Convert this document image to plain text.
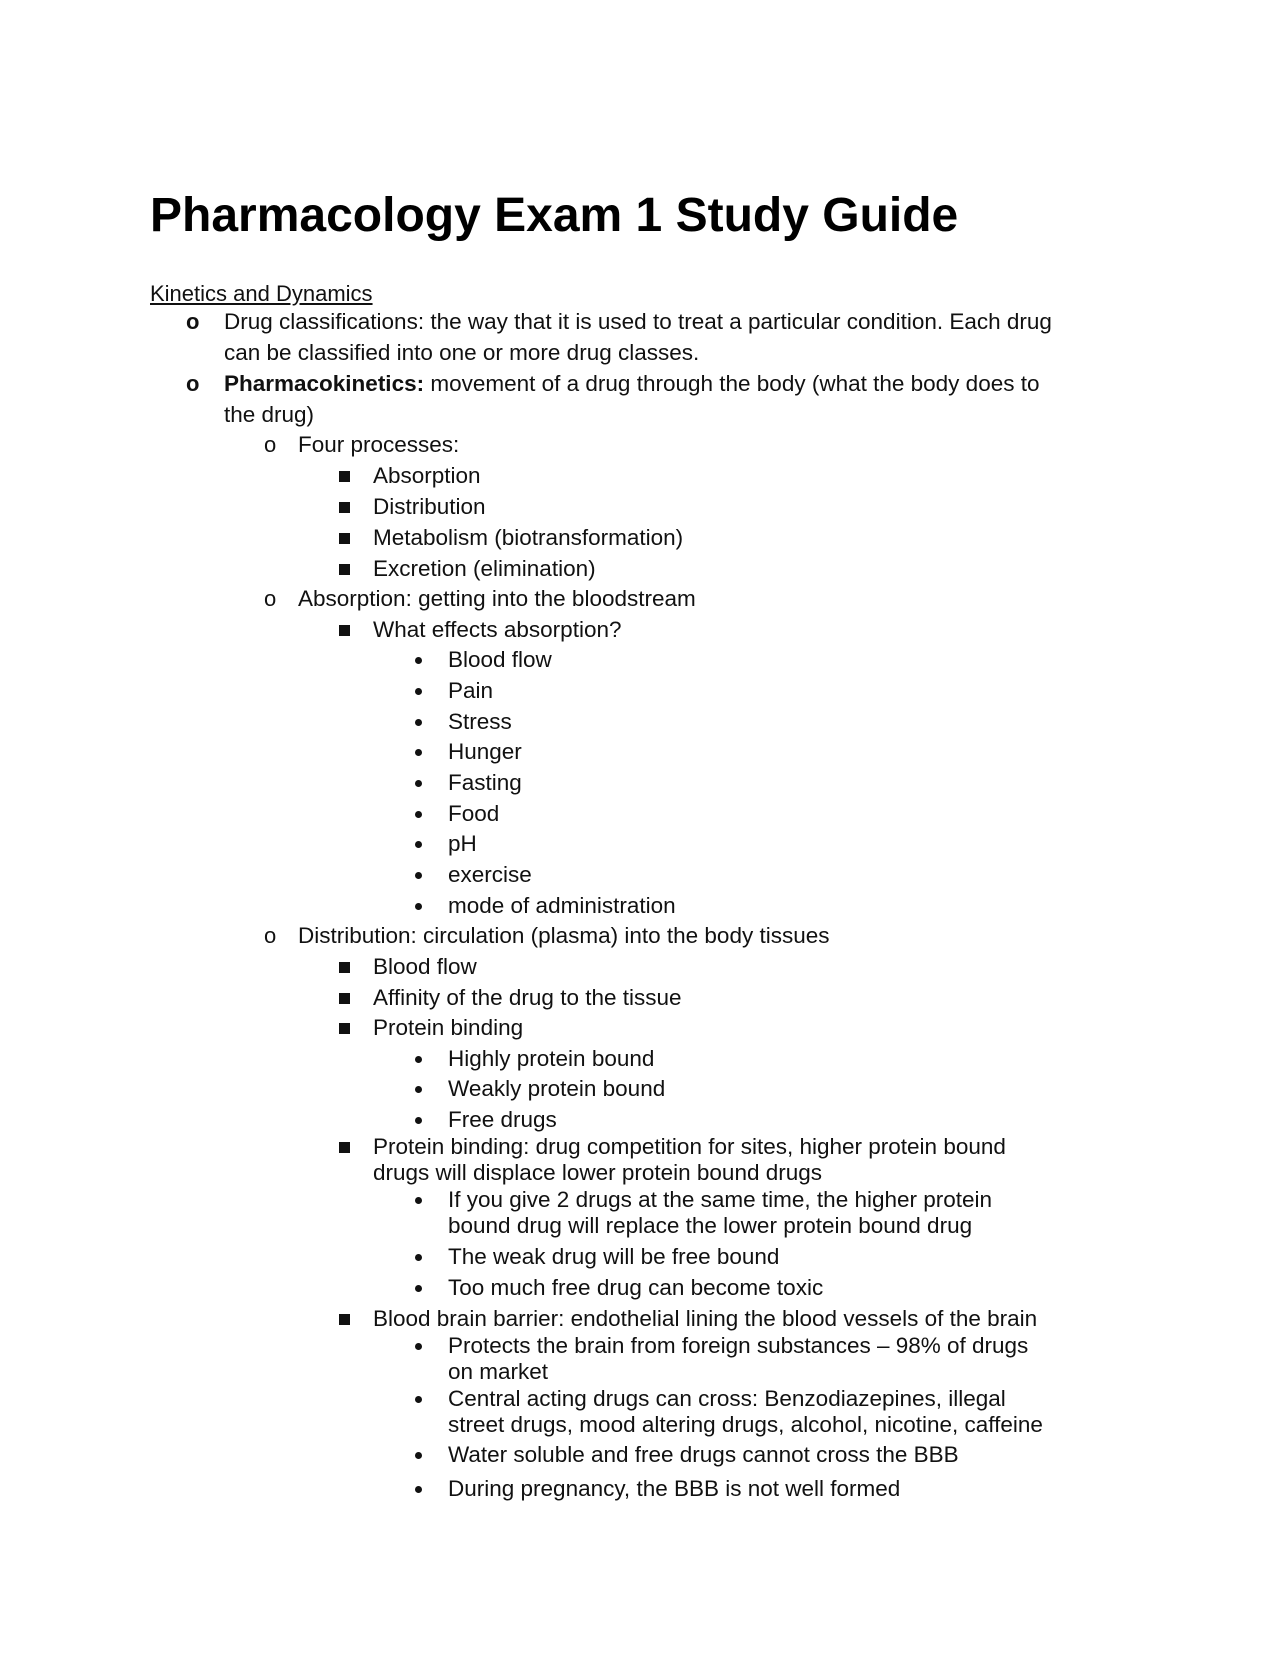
Pharmacology Exam 1 Study Guide
Kinetics and Dynamics
o Drug classifications: the way that it is used to treat a particular condition. Each drug
can be classified into one or more drug classes.
o Pharmacokinetics: movement of a drug through the body (what the body does to
the drug)
o Four processes:
Absorption
Distribution
Metabolism (biotransformation)
Excretion (elimination)
o Absorption: getting into the bloodstream
What effects absorption?
Blood flow
Pain
Stress
Hunger
Fasting
Food
pH
exercise
mode of administration
o Distribution: circulation (plasma) into the body tissues
Blood flow
Affinity of the drug to the tissue
Protein binding
Highly protein bound
Weakly protein bound
Free drugs
Protein binding: drug competition for sites, higher protein bound
drugs will displace lower protein bound drugs
If you give 2 drugs at the same time, the higher protein
bound drug will replace the lower protein bound drug
The weak drug will be free bound
Too much free drug can become toxic
Blood brain barrier: endothelial lining the blood vessels of the brain
Protects the brain from foreign substances – 98% of drugs
on market
Central acting drugs can cross: Benzodiazepines, illegal
street drugs, mood altering drugs, alcohol, nicotine, caffeine
Water soluble and free drugs cannot cross the BBB
During pregnancy, the BBB is not well formed
